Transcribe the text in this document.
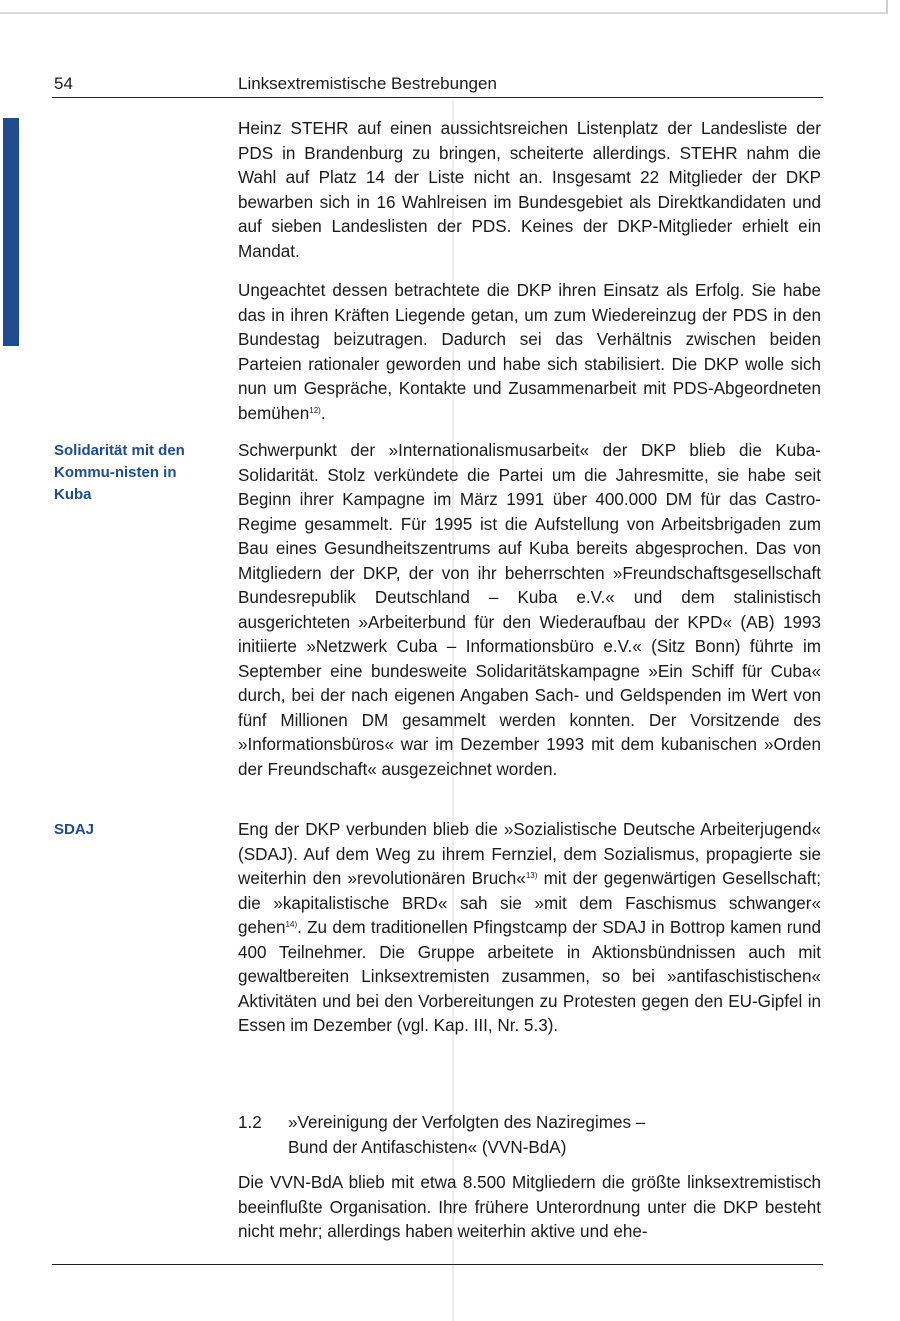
54	Linksextremistische Bestrebungen
Solidarität mit den Kommu-nisten in Kuba
SDAJ

Heinz STEHR auf einen aussichtsreichen Listenplatz der Landesliste der PDS in Brandenburg zu bringen, scheiterte allerdings. STEHR nahm die Wahl auf Platz 14 der Liste nicht an. Insgesamt 22 Mitglieder der DKP bewarben sich in 16 Wahlreisen im Bundesgebiet als Direktkandidaten und auf sieben Landeslisten der PDS. Keines der DKP-Mitglieder erhielt ein Mandat.

Ungeachtet dessen betrachtete die DKP ihren Einsatz als Erfolg. Sie habe das in ihren Kräften Liegende getan, um zum Wiedereinzug der PDS in den Bundestag beizutragen. Dadurch sei das Verhältnis zwischen beiden Parteien rationaler geworden und habe sich stabilisiert. Die DKP wolle sich nun um Gespräche, Kontakte und Zusammenarbeit mit PDS-Abgeordneten bemühen$^{12)}$.

Schwerpunkt der »Internationalismusarbeit« der DKP blieb die Kuba-Solidarität. Stolz verkündete die Partei um die Jahresmitte, sie habe seit Beginn ihrer Kampagne im März 1991 über 400.000 DM für das Castro-Regime gesammelt. Für 1995 ist die Aufstellung von Arbeitsbrigaden zum Bau eines Gesundheitszentrums auf Kuba bereits abgesprochen. Das von Mitgliedern der DKP, der von ihr beherrschten »Freundschaftsgesellschaft Bundesrepublik Deutschland – Kuba e.V.« und dem stalinistisch ausgerichteten »Arbeiterbund für den Wiederaufbau der KPD« (AB) 1993 initiierte »Netzwerk Cuba – Informationsbüro e.V.« (Sitz Bonn) führte im September eine bundesweite Solidaritätskampagne »Ein Schiff für Cuba« durch, bei der nach eigenen Angaben Sach- und Geldspenden im Wert von fünf Millionen DM gesammelt werden konnten. Der Vorsitzende des »Informationsbüros« war im Dezember 1993 mit dem kubanischen »Orden der Freundschaft« ausgezeichnet worden.

Eng der DKP verbunden blieb die »Sozialistische Deutsche Arbeiterjugend« (SDAJ). Auf dem Weg zu ihrem Fernziel, dem Sozialismus, propagierte sie weiterhin den »revolutionären Bruch«$^{13)}$ mit der gegenwärtigen Gesellschaft; die »kapitalistische BRD« sah sie »mit dem Faschismus schwanger« gehen$^{14)}$. Zu dem traditionellen Pfingstcamp der SDAJ in Bottrop kamen rund 400 Teilnehmer. Die Gruppe arbeitete in Aktionsbündnissen auch mit gewaltbereiten Linksextremisten zusammen, so bei »antifaschistischen« Aktivitäten und bei den Vorbereitungen zu Protesten gegen den EU-Gipfel in Essen im Dezember (vgl. Kap. III, Nr. 5.3).

1.2 »Vereinigung der Verfolgten des Naziregimes –
Bund der Antifaschisten« (VVN-BdA)

Die VVN-BdA blieb mit etwa 8.500 Mitgliedern die größte linksextremistisch beeinflußte Organisation. Ihre frühere Unterordnung unter die DKP besteht nicht mehr; allerdings haben weiterhin aktive und ehe-
